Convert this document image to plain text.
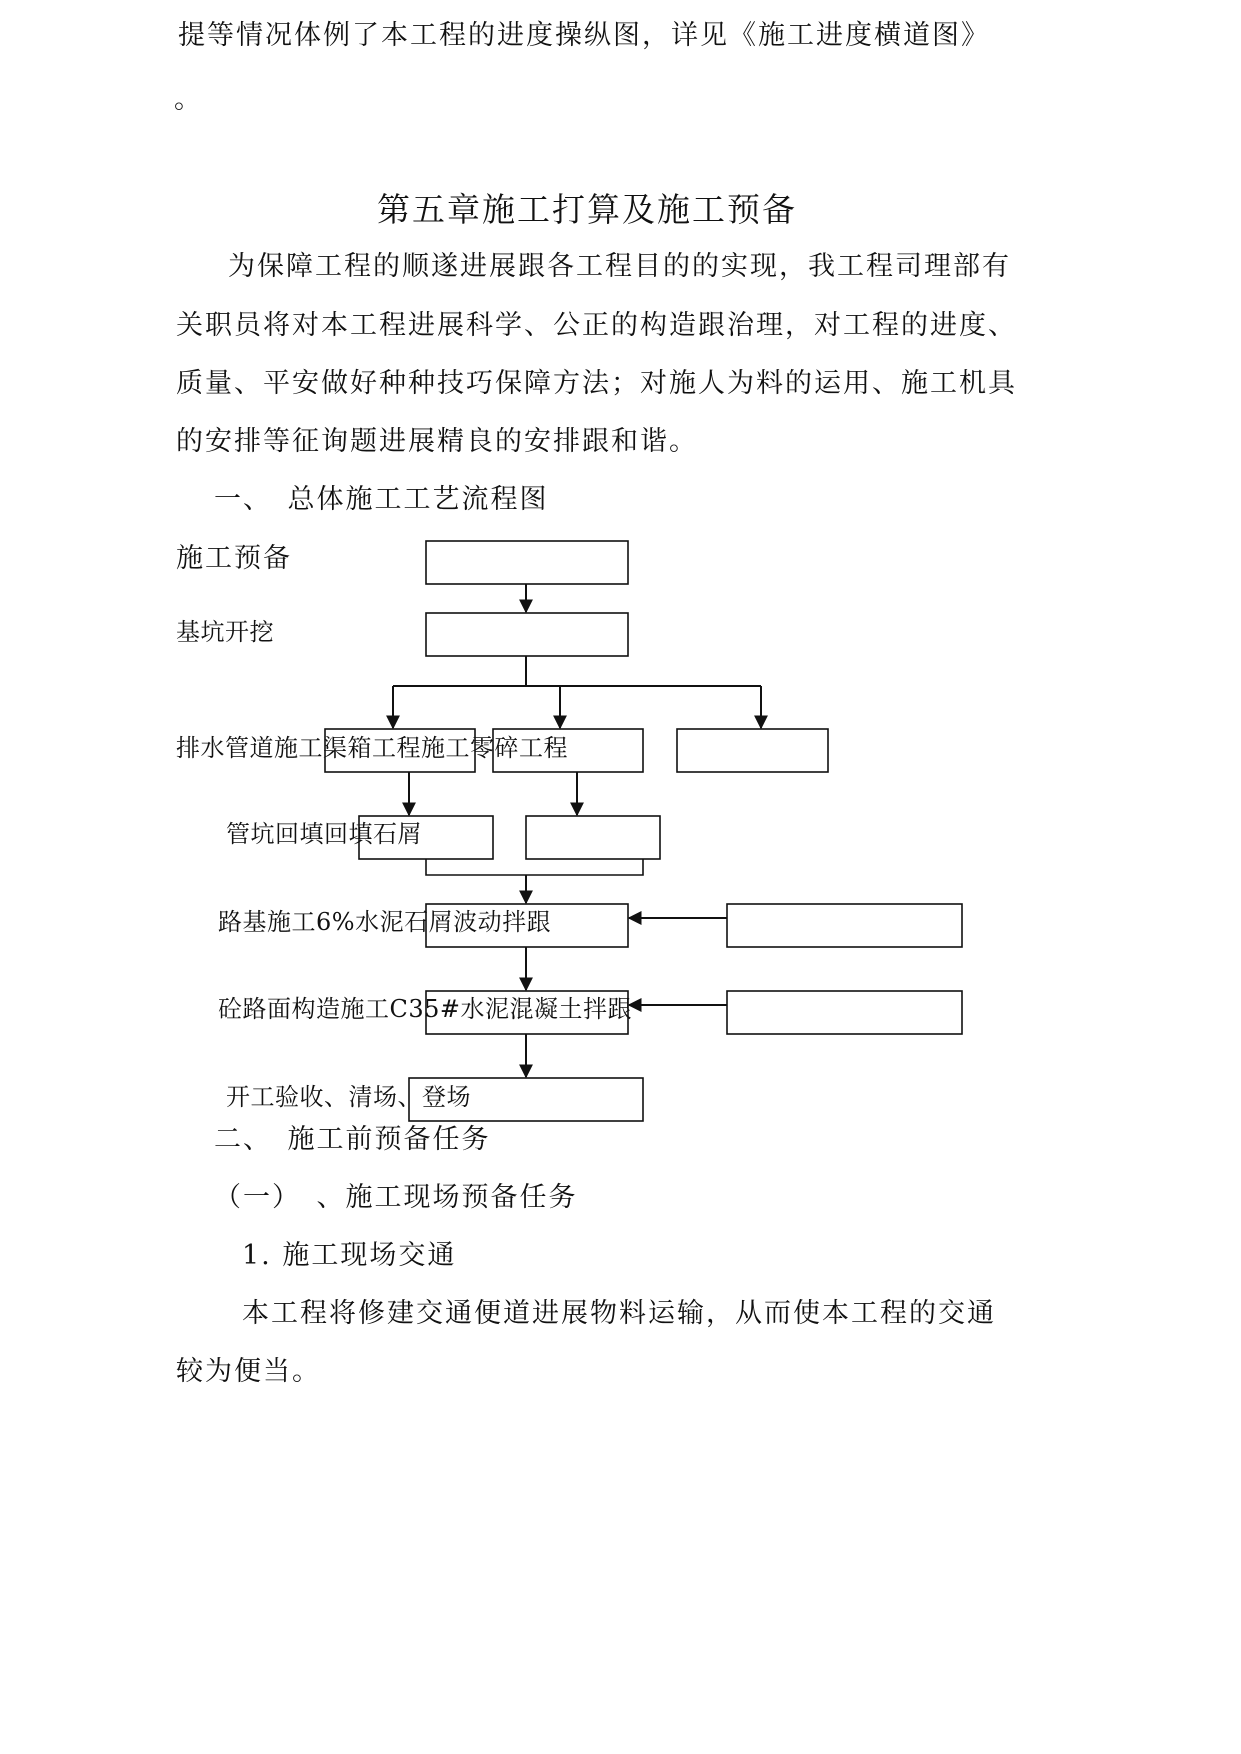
提等情况体例了本工程的进度操纵图，详见《施工进度横道图》
。
第五章施工打算及施工预备
为保障工程的顺遂进展跟各工程目的的实现，我工程司理部有
关职员将对本工程进展科学、公正的构造跟治理，对工程的进度、
质量、平安做好种种技巧保障方法；对施人为料的运用、施工机具
的安排等征询题进展精良的安排跟和谐。
一、　总体施工工艺流程图
施工预备
基坑开挖
排水管道施工渠箱工程施工零碎工程
管坑回填回填石屑
路基施工6%水泥石屑波动拌跟
砼路面构造施工C35#水泥混凝土拌跟
开工验收、清场、登场
二、　施工前预备任务
（一）　、施工现场预备任务
1. 施工现场交通
本工程将修建交通便道进展物料运输，从而使本工程的交通
较为便当。
